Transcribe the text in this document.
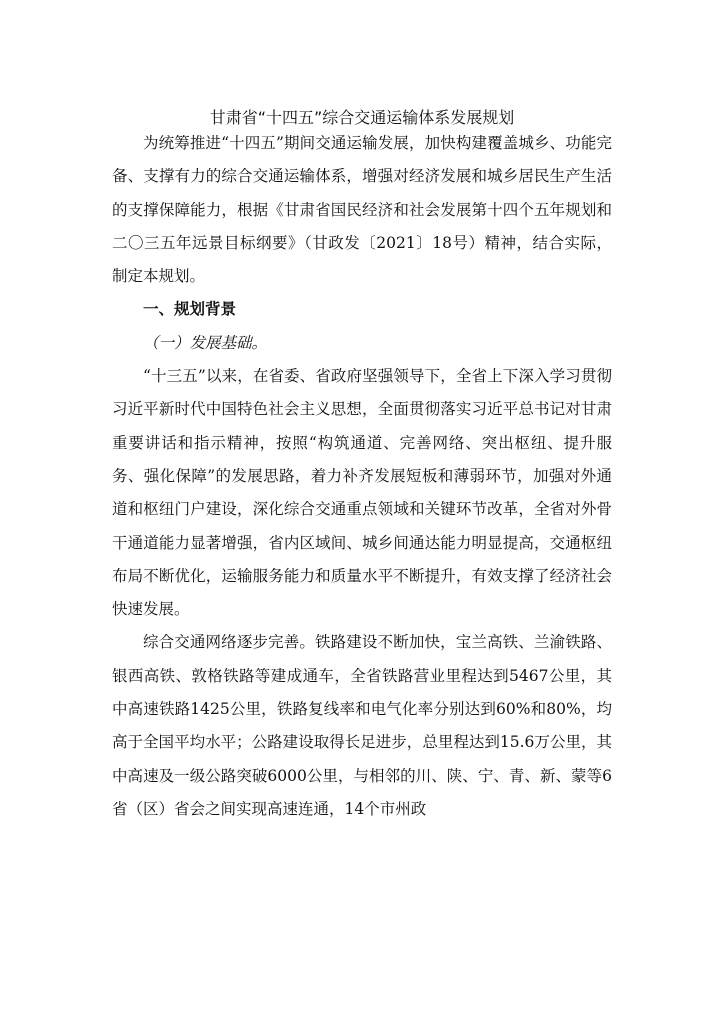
甘肃省“十四五”综合交通运输体系发展规划

为统筹推进“十四五”期间交通运输发展，加快构建覆盖城乡、功能完备、支撑有力的综合交通运输体系，增强对经济发展和城乡居民生产生活的支撑保障能力，根据《甘肃省国民经济和社会发展第十四个五年规划和二〇三五年远景目标纲要》（甘政发〔2021〕18号）精神，结合实际，制定本规划。

一、规划背景

（一）发展基础。

“十三五”以来，在省委、省政府坚强领导下，全省上下深入学习贯彻习近平新时代中国特色社会主义思想，全面贯彻落实习近平总书记对甘肃重要讲话和指示精神，按照“构筑通道、完善网络、突出枢纽、提升服务、强化保障”的发展思路，着力补齐发展短板和薄弱环节，加强对外通道和枢纽门户建设，深化综合交通重点领域和关键环节改革，全省对外骨干通道能力显著增强，省内区域间、城乡间通达能力明显提高，交通枢纽布局不断优化，运输服务能力和质量水平不断提升，有效支撑了经济社会快速发展。

综合交通网络逐步完善。铁路建设不断加快，宝兰高铁、兰渝铁路、银西高铁、敦格铁路等建成通车，全省铁路营业里程达到5467公里，其中高速铁路1425公里，铁路复线率和电气化率分别达到60%和80%，均高于全国平均水平；公路建设取得长足进步，总里程达到15.6万公里，其中高速及一级公路突破6000公里，与相邻的川、陕、宁、青、新、蒙等6省（区）省会之间实现高速连通，14个市州政
